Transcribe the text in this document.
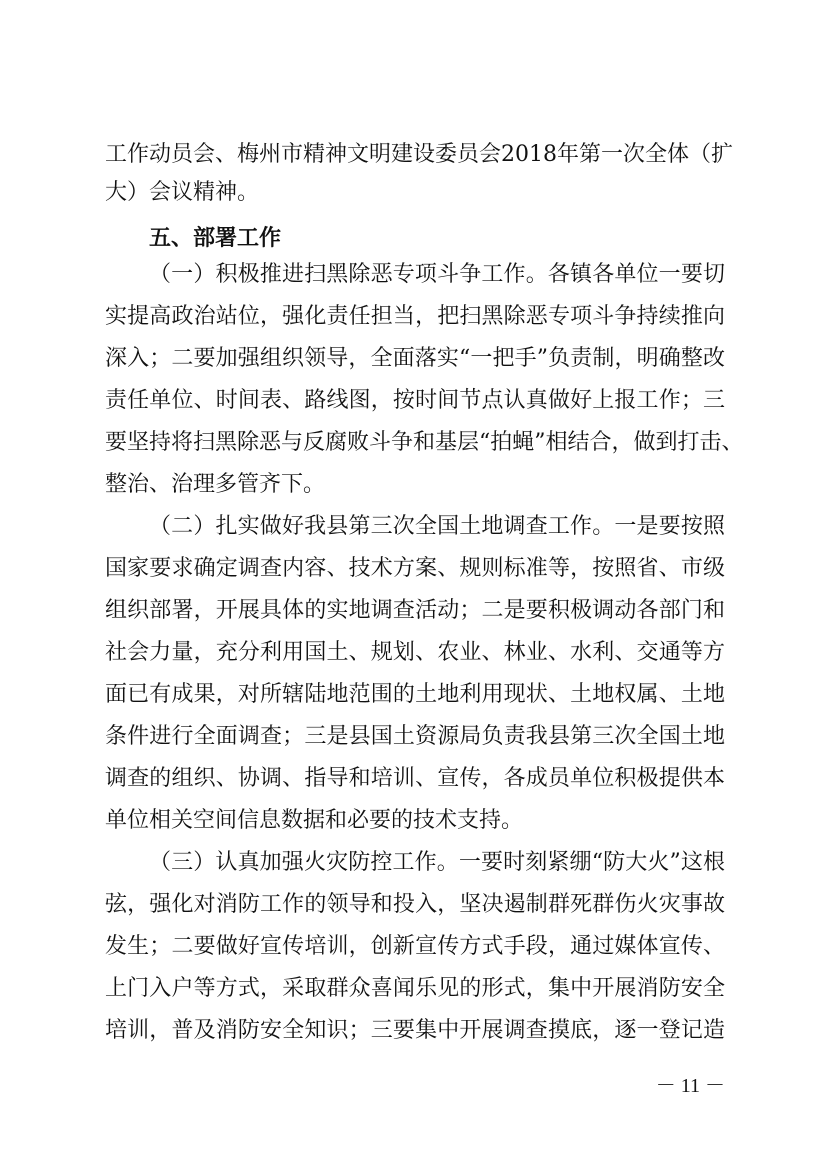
工作动员会、梅州市精神文明建设委员会2018年第一次全体（扩
大）会议精神。
五、部署工作
（一）积极推进扫黑除恶专项斗争工作。各镇各单位一要切
实提高政治站位，强化责任担当，把扫黑除恶专项斗争持续推向
深入；二要加强组织领导，全面落实“一把手”负责制，明确整改
责任单位、时间表、路线图，按时间节点认真做好上报工作；三
要坚持将扫黑除恶与反腐败斗争和基层“拍蝇”相结合，做到打击、
整治、治理多管齐下。
（二）扎实做好我县第三次全国土地调查工作。一是要按照
国家要求确定调查内容、技术方案、规则标准等，按照省、市级
组织部署，开展具体的实地调查活动；二是要积极调动各部门和
社会力量，充分利用国土、规划、农业、林业、水利、交通等方
面已有成果，对所辖陆地范围的土地利用现状、土地权属、土地
条件进行全面调查；三是县国土资源局负责我县第三次全国土地
调查的组织、协调、指导和培训、宣传，各成员单位积极提供本
单位相关空间信息数据和必要的技术支持。
（三）认真加强火灾防控工作。一要时刻紧绷“防大火”这根
弦，强化对消防工作的领导和投入，坚决遏制群死群伤火灾事故
发生；二要做好宣传培训，创新宣传方式手段，通过媒体宣传、
上门入户等方式，采取群众喜闻乐见的形式，集中开展消防安全
培训，普及消防安全知识；三要集中开展调查摸底，逐一登记造
－ 11 －
